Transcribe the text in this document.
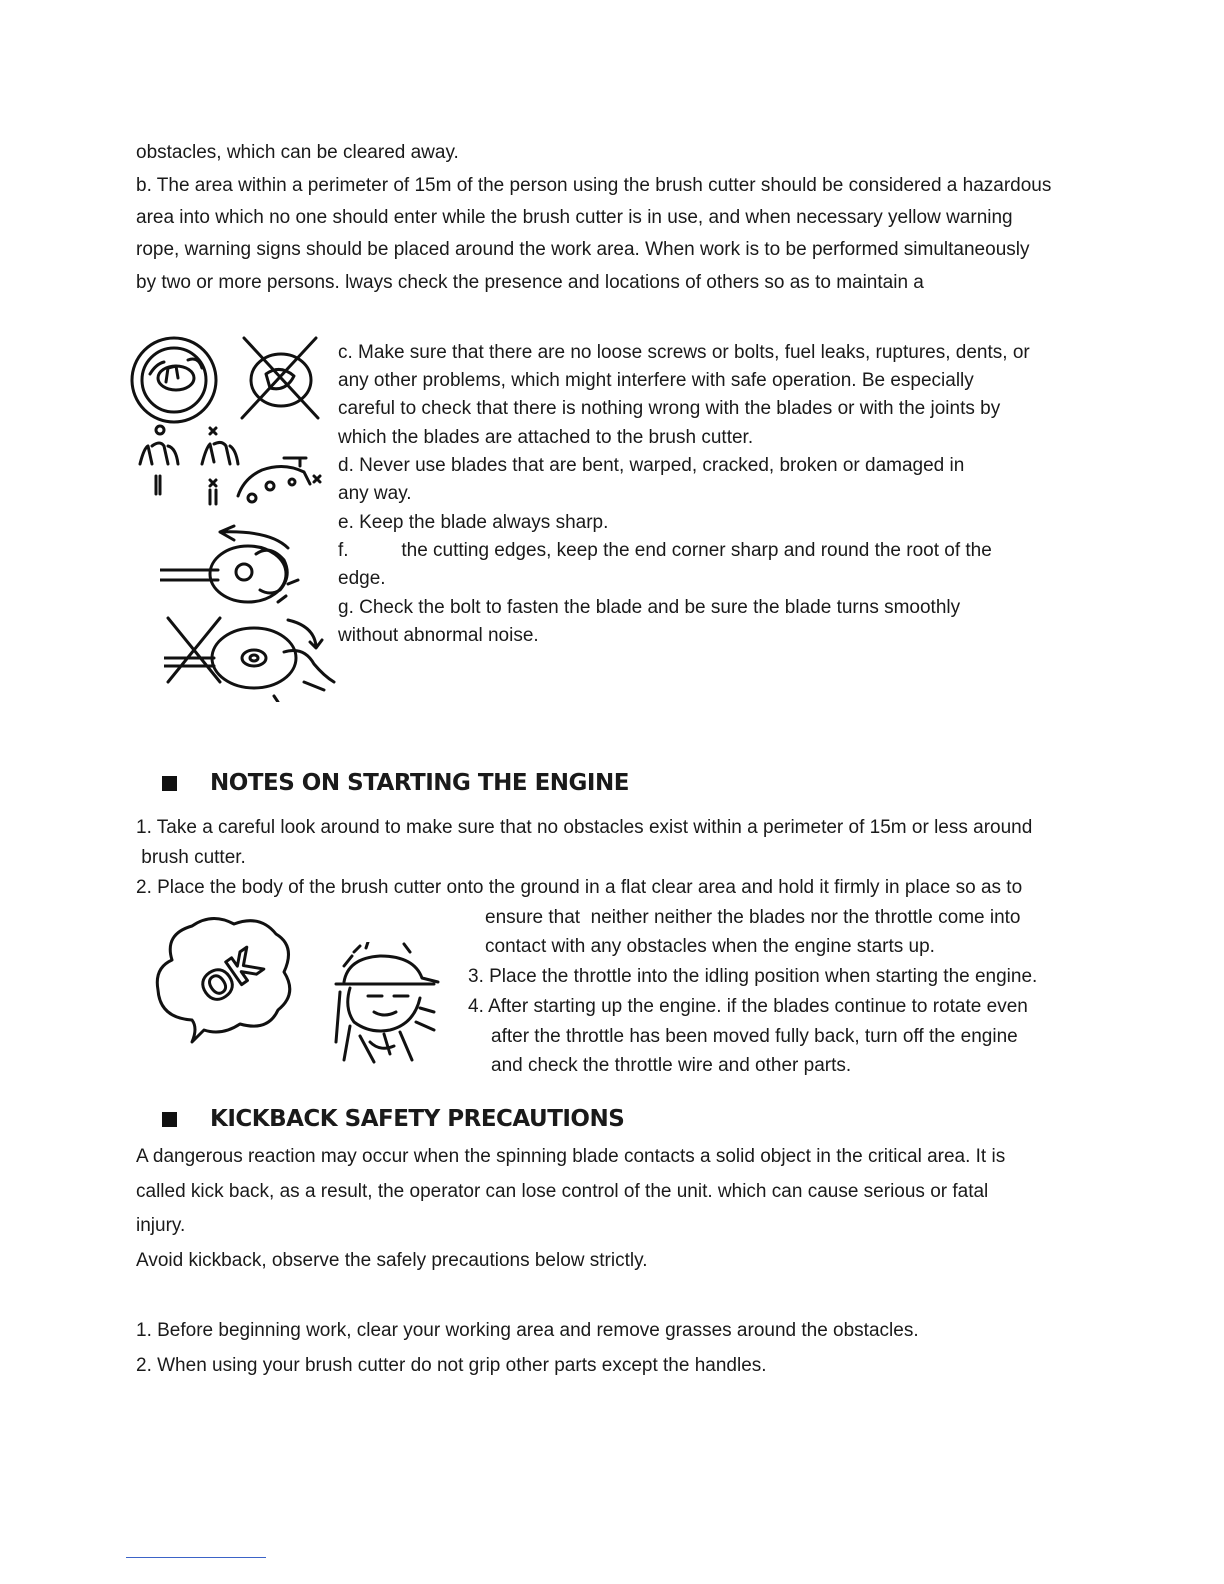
obstacles, which can be cleared away.

b. The area within a perimeter of 15m of the person using the brush cutter should be considered a hazardous

area into which no one should enter while the brush cutter is in use, and when necessary yellow warning

rope, warning signs should be placed around the work area. When work is to be performed simultaneously

by two or more persons. lways check the presence and locations of others so as to maintain a

c. Make sure that there are no loose screws or bolts, fuel leaks, ruptures, dents, or

any other problems, which might interfere with safe operation. Be especially

careful to check that there is nothing wrong with the blades or with the joints by

which the blades are attached to the brush cutter.

d. Never use blades that are bent, warped, cracked, broken or damaged in

any way.

e. Keep the blade always sharp.

f.          the cutting edges, keep the end corner sharp and round the root of the

edge.

g. Check the bolt to fasten the blade and be sure the blade turns smoothly

without abnormal noise.

NOTES ON STARTING THE ENGINE

1. Take a careful look around to make sure that no obstacles exist within a perimeter of 15m or less around

brush cutter.

2. Place the body of the brush cutter onto the ground in a flat clear area and hold it firmly in place so as to

ensure that  neither neither the blades nor the throttle come into

contact with any obstacles when the engine starts up.

3. Place the throttle into the idling position when starting the engine.

4. After starting up the engine. if the blades continue to rotate even

after the throttle has been moved fully back, turn off the engine

and check the throttle wire and other parts.

OK
KICKBACK SAFETY PRECAUTIONS

A dangerous reaction may occur when the spinning blade contacts a solid object in the critical area. It is

called kick back, as a result, the operator can lose control of the unit. which can cause serious or fatal

injury.

Avoid kickback, observe the safely precautions below strictly.

1. Before beginning work, clear your working area and remove grasses around the obstacles.

2. When using your brush cutter do not grip other parts except the handles.
